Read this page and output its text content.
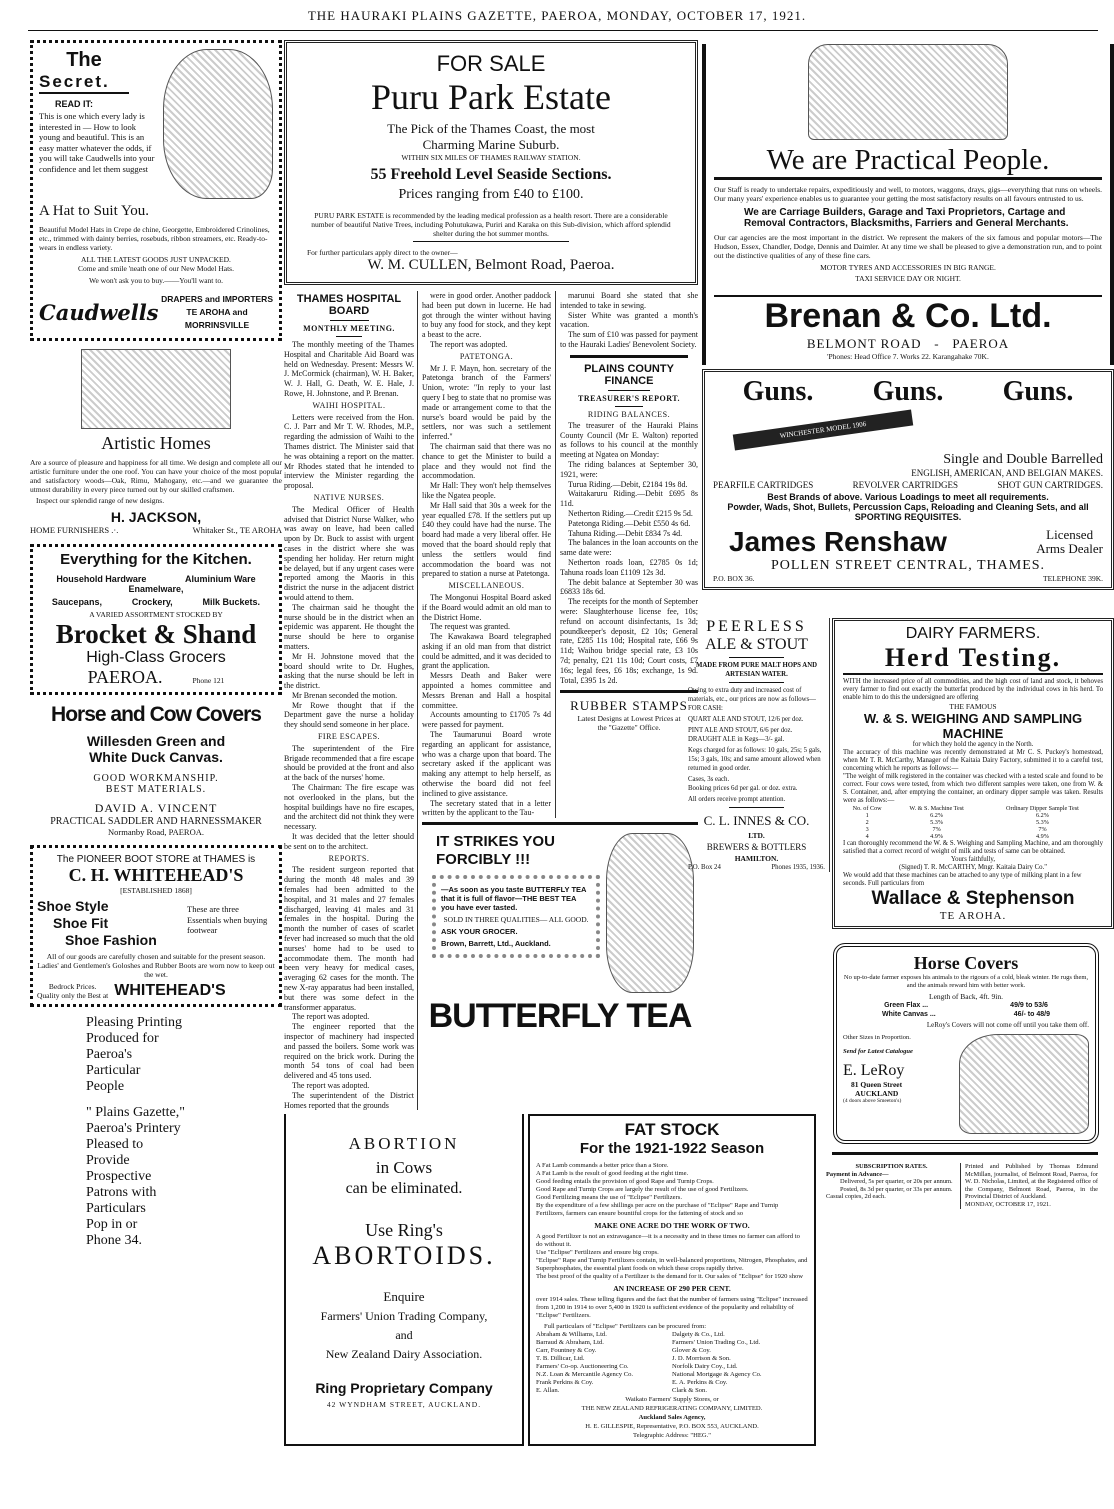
THE HAURAKI PLAINS GAZETTE, PAEROA, MONDAY, OCTOBER 17, 1921.
The
Secret.
READ IT:
This is one which every lady is interested in — How to look young and beautiful. This is an easy matter whatever the odds, if you will take Caudwells into your confidence and let them suggest
A Hat to Suit You.
Beautiful Model Hats in Crepe de chine, Georgette, Embroidered Crinolines, etc., trimmed with dainty berries, rosebuds, ribbon streamers, etc. Ready-to-wears in endless variety.
ALL THE LATEST GOODS JUST UNPACKED.
Come and smile 'neath one of our New Model Hats.
We won't ask you to buy.——You'll want to.
Caudwells
DRAPERS and IMPORTERS
TE AROHA and
MORRINSVILLE
Artistic Homes
Are a source of pleasure and happiness for all time. We design and complete all our artistic furniture under the one roof. You can have your choice of the most popular and satisfactory woods—Oak, Rimu, Mahogany, etc.—and we guarantee the utmost durability in every piece turned out by our skilled craftsmen.
Inspect our splendid range of new designs.
H. JACKSON,
HOME FURNISHERS .·.	Whitaker St., TE AROHA
Everything for the Kitchen.
Household Hardware	Aluminium Ware
Enamelware,
Saucepans,	Crockery,	Milk Buckets.
A VARIED ASSORTMENT STOCKED BY
Brocket & Shand
High-Class Grocers
PAEROA.	Phone 121
Horse and Cow Covers
Willesden Green and
White Duck Canvas.
GOOD WORKMANSHIP.
BEST MATERIALS.
DAVID A. VINCENT
PRACTICAL SADDLER AND HARNESSMAKER
Normanby Road, PAEROA.
The PIONEER BOOT STORE at THAMES is
C. H. WHITEHEAD'S
[ESTABLISHED 1868]
Shoe Style
Shoe Fit
Shoe Fashion
These are three Essentials when buying footwear
All of our goods are carefully chosen and suitable for the present season. Ladies' and Gentlemen's Goloshes and Rubber Boots are worn now to keep out the wet.
Bedrock Prices.
Quality only the Best at WHITEHEAD'S
Pleasing Printing
Produced for
Paeroa's
Particular
People
" Plains Gazette,"
Paeroa's Printery
Pleased to
Provide
Prospective
Patrons with
Particulars
Pop in or
Phone 34.
FOR SALE
Puru Park Estate
The Pick of the Thames Coast, the most
Charming Marine Suburb.
WITHIN SIX MILES OF THAMES RAILWAY STATION.
55 Freehold Level Seaside Sections.
Prices ranging from £40 to £100.
PURU PARK ESTATE is recommended by the leading medical profession as a health resort. There are a considerable number of beautiful Native Trees, including Pohutukawa, Puriri and Karaka on this Sub-division, which afford splendid shelter during the hot summer months.
For further particulars apply direct to the owner—
W. M. CULLEN, Belmont Road, Paeroa.
THAMES HOSPITAL BOARD
MONTHLY MEETING.

The monthly meeting of the Thames Hospital and Charitable Aid Board was held on Wednesday. Present: Messrs W. J. McCormick (chairman), W. H. Baker, W. J. Hall, G. Death, W. E. Hale, J. Rowe, H. Johnstone, and P. Brenan.

WAIHI HOSPITAL.

Letters were received from the Hon. C. J. Parr and Mr T. W. Rhodes, M.P., regarding the admission of Waihi to the Thames district. The Minister said that he was obtaining a report on the matter. Mr Rhodes stated that he intended to interview the Minister regarding the proposal.

NATIVE NURSES.

The Medical Officer of Health advised that District Nurse Walker, who was away on leave, had been called upon by Dr. Buck to assist with urgent cases in the district where she was spending her holiday. Her return might be delayed, but if any urgent cases were reported among the Maoris in this district the nurse in the adjacent district would attend to them.

The chairman said he thought the nurse should be in the district when an epidemic was apparent. He thought the nurse should be here to organise matters.

Mr H. Johnstone moved that the board should write to Dr. Hughes, asking that the nurse should be left in the district.

Mr Brenan seconded the motion.

Mr Rowe thought that if the Department gave the nurse a holiday they should send someone in her place.

FIRE ESCAPES.

The superintendent of the Fire Brigade recommended that a fire escape should be provided at the front and also at the back of the nurses' home.

The Chairman: The fire escape was not overlooked in the plans, but the hospital buildings have no fire escapes, and the architect did not think they were necessary.

It was decided that the letter should be sent on to the architect.

REPORTS.

The resident surgeon reported that during the month 48 males and 39 females had been admitted to the hospital, and 31 males and 27 females discharged, leaving 41 males and 31 females in the hospital. During the month the number of cases of scarlet fever had increased so much that the old nurses' home had to be used to accommodate them. The month had been very heavy for medical cases, averaging 62 cases for the month. The new X-ray apparatus had been installed, but there was some defect in the transformer apparatus.

The report was adopted.

The engineer reported that the inspector of machinery had inspected and passed the boilers. Some work was required on the brick work. During the month 54 tons of coal had been delivered and 45 tons used.

The report was adopted.

The superintendent of the District Homes reported that the grounds

were in good order. Another paddock had been put down in lucerne. He had got through the winter without having to buy any food for stock, and they kept a beast to the acre.

The report was adopted.

PATETONGA.

Mr J. F. Mayn, hon. secretary of the Patetonga branch of the Farmers' Union, wrote: "In reply to your last query I beg to state that no promise was made or arrangement come to that the nurse's board would be paid by the settlers, nor was such a settlement inferred."

The chairman said that there was no chance to get the Minister to build a place and they would not find the accommodation.

Mr Hall: They won't help themselves like the Ngatea people.

Mr Hall said that 30s a week for the year equalled £78. If the settlers put up £40 they could have had the nurse. The board had made a very liberal offer. He moved that the board should reply that unless the settlers would find accommodation the board was not prepared to station a nurse at Patetonga.

MISCELLANEOUS.

The Mongonui Hospital Board asked if the Board would admit an old man to the District Home.

The request was granted.

The Kawakawa Board telegraphed asking if an old man from that district could be admitted, and it was decided to grant the application.

Messrs Death and Baker were appointed a homes committee and Messrs Brenan and Hall a hospital committee.

Accounts amounting to £1705 7s 4d were passed for payment.

The Taumarunui Board wrote regarding an applicant for assistance, who was a charge upon that board. The secretary asked if the applicant was making any attempt to help herself, as otherwise the board did not feel inclined to give assistance.

The secretary stated that in a letter written by the applicant to the Tau-

marunui Board she stated that she intended to take in sewing.

Sister White was granted a month's vacation.

The sum of £10 was passed for payment to the Hauraki Ladies' Benevolent Society.

PLAINS COUNTY FINANCE
TREASURER'S REPORT.
RIDING BALANCES.

The treasurer of the Hauraki Plains County Council (Mr E. Walton) reported as follows to his council at the monthly meeting at Ngatea on Monday:

The riding balances at September 30, 1921, were:

Turua Riding.—Debit, £2184 19s 8d.

Waitakaruru Riding.—Debit £695 8s 11d.

Netherton Riding.—Credit £215 9s 5d.

Patetonga Riding.—Debit £550 4s 6d.

Tahuna Riding.—Debit £834 7s 4d.

The balances in the loan accounts on the same date were:

Netherton roads loan, £2785 0s 1d; Tahuna roads loan £1109 12s 3d.

The debit balance at September 30 was £6833 18s 6d.

The receipts for the month of September were: Slaughterhouse license fee, 10s; refund on account disinfectants, 1s 3d; poundkeeper's deposit, £2 10s; General rate, £285 11s 10d; Hospital rate, £66 9s 11d; Waihou bridge special rate, £3 10s 7d; penalty, £21 11s 10d; Court costs, £7 16s; legal fees, £6 18s; exchange, 1s 9d. Total, £395 1s 2d.

RUBBER STAMPS
Latest Designs at Lowest Prices at
the "Gazette" Office.
IT STRIKES YOU
FORCIBLY !!!
—As soon as you taste BUTTERFLY TEA that it is full of flavor—THE BEST TEA you have ever tasted.
SOLD IN THREE QUALITIES— ALL GOOD.
ASK YOUR GROCER.
Brown, Barrett, Ltd., Auckland.
BUTTERFLY TEA
ABORTION
in Cows
can be eliminated.
Use Ring's
ABORTOIDS.
Enquire
Farmers' Union Trading Company,
and
New Zealand Dairy Association.
Ring Proprietary Company
42 WYNDHAM STREET, AUCKLAND.
FAT STOCK
For the 1921-1922 Season
A Fat Lamb commands a better price than a Store.
A Fat Lamb is the result of good feeding at the right time.
Good feeding entails the provision of good Rape and Turnip Crops.
Good Rape and Turnip Crops are largely the result of the use of good Fertilizers.
Good Fertilizing means the use of "Eclipse" Fertilizers.
By the expenditure of a few shillings per acre on the purchase of "Eclipse" Rape and Turnip Fertilizers, farmers can ensure bountiful crops for the fattening of stock and so
MAKE ONE ACRE DO THE WORK OF TWO.
A good Fertilizer is not an extravagance—it is a necessity and in these times no farmer can afford to do without it.
Use "Eclipse" Fertilizers and ensure big crops.
"Eclipse" Rape and Turnip Fertilizers contain, in well-balanced proportions, Nitrogen, Phosphates, and Superphosphates, the essential plant foods on which these crops rapidly thrive.
The best proof of the quality of a Fertilizer is the demand for it. Our sales of "Eclipse" for 1920 show
AN INCREASE OF 290 PER CENT.
over 1914 sales. These telling figures and the fact that the number of farmers using "Eclipse" increased from 1,200 in 1914 to over 5,400 in 1920 is sufficient evidence of the popularity and reliability of "Eclipse" Fertilizers.
Full particulars of "Eclipse" Fertilizers can be procured from:
Abraham & Williams, Ltd.
Barraud & Abraham, Ltd.
Carr, Fountney & Coy.
T. B. Dillicar, Ltd.
Farmers' Co-op. Auctioneering Co.
N.Z. Loan & Mercantile Agency Co.
Frank Perkins & Coy.
E. Allan.
Dalgety & Co., Ltd.
Farmers' Union Trading Co., Ltd.
Glover & Coy.
J. D. Morrison & Son.
Norfolk Dairy Coy., Ltd.
National Mortgage & Agency Co.
E. A. Perkins & Coy.
Clark & Son.
Waikato Farmers' Supply Stores, or
THE NEW ZEALAND REFRIGERATING COMPANY, LIMITED.
Auckland Sales Agency,
H. E. GILLESPIE, Representative, P.O. BOX 553, AUCKLAND.
Telegraphic Address: "HEG."
We are Practical People.
Our Staff is ready to undertake repairs, expeditiously and well, to motors, waggons, drays, gigs—everything that runs on wheels. Our many years' experience enables us to guarantee your getting the most satisfactory results on all favours entrusted to us.
We are Carriage Builders, Garage and Taxi Proprietors, Cartage and Removal Contractors, Blacksmiths, Farriers and General Merchants.
Our car agencies are the most important in the district. We represent the makers of the six famous and popular motors—The Hudson, Essex, Chandler, Dodge, Dennis and Daimler. At any time we shall be pleased to give a demonstration run, and to point out the distinctive qualities of any of these fine cars.
MOTOR TYRES AND ACCESSORIES IN BIG RANGE.
TAXI SERVICE DAY OR NIGHT.
Brenan & Co. Ltd.
BELMONT ROAD   -   PAEROA
'Phones: Head Office 7. Works 22. Karangahake 70K.
Guns. Guns. Guns.
WINCHESTER MODEL 1906
Single and Double Barrelled
ENGLISH, AMERICAN, AND BELGIAN MAKES.
PEARFILE CARTRIDGES	REVOLVER CARTRIDGES	SHOT GUN CARTRIDGES.
Best Brands of above. Various Loadings to meet all requirements.
Powder, Wads, Shot, Bullets, Percussion Caps, Reloading and Cleaning Sets, and all
SPORTING REQUISITES.
James Renshaw	Licensed
Arms Dealer
POLLEN STREET CENTRAL, THAMES.
P.O. BOX 36.	TELEPHONE 39K.
PEERLESS
ALE & STOUT
MADE FROM PURE MALT HOPS AND ARTESIAN WATER.
Owing to extra duty and increased cost of materials, etc., our prices are now as follows—FOR CASH:
QUART ALE AND STOUT, 12/6 per doz.
PINT ALE AND STOUT, 6/6 per doz.
DRAUGHT ALE in Kegs—3/- gal.
Kegs charged for as follows: 10 gals, 25s; 5 gals, 15s; 3 gals, 10s; and same amount allowed when returned in good order.
Cases, 3s each.
Booking prices 6d per gal. or doz. extra.
All orders receive prompt attention.
C. L. INNES & CO.
LTD.
BREWERS & BOTTLERS
HAMILTON.
P.O. Box 24	Phones 1935, 1936.
DAIRY FARMERS.
Herd Testing.
WITH the increased price of all commodities, and the high cost of land and stock, it behoves every farmer to find out exactly the butterfat produced by the individual cows in his herd. To enable him to do this the undersigned are offering
THE FAMOUS
W. & S. WEIGHING AND SAMPLING MACHINE
for which they hold the agency in the North.
The accuracy of this machine was recently demonstrated at Mr C. S. Puckey's homestead, when Mr T. R. McCarthy, Manager of the Kaitaia Dairy Factory, submitted it to a careful test, concerning which he reports as follows:—
"The weight of milk registered in the container was checked with a tested scale and found to be correct. Four cows were tested, from which two different samples were taken, one from W. & S. Container, and, after emptying the container, an ordinary dipper sample was taken. Results were as follows:—
No. of Cow	W. & S. Machine Test	Ordinary Dipper Sample Test
1	6.2%	6.2%
2	5.3%	5.3%
3	7%	7%
4	4.9%	4.9%
I can thoroughly recommend the W. & S. Weighing and Sampling Machine, and am thoroughly satisfied that a correct record of weight of milk and tests of same can be obtained.
Yours faithfully,
(Signed) T. R. McCARTHY, Mngr. Kaitaia Dairy Co."
We would add that these machines can be attached to any type of milking plant in a few seconds. Full particulars from
Wallace & Stephenson
TE AROHA.
Horse Covers
No up-to-date farmer exposes his animals to the rigours of a cold, bleak winter. He rugs them, and the animals reward him with better work.
Length of Back, 4ft. 9in.
Green Flax ...	49/9 to 53/6
White Canvas ...	46/- to 48/9
LeRoy's Covers will not come off until you take them off.
Other Sizes in Proportion.
Send for Latest Catalogue
E. LeRoy
81 Queen Street
AUCKLAND
(4 doors above Smeeton's)
SUBSCRIPTION RATES.
Payment in Advance—
Delivered, 5s per quarter, or 20s per annum.
Posted, 8s 3d per quarter, or 33s per annum.
Casual copies, 2d each.
Printed and Published by Thomas Edmund McMillan, journalist, of Belmont Road, Paeroa, for W. D. Nicholas, Limited, at the Registered office of the Company, Belmont Road, Paeroa, in the Provincial District of Auckland.
MONDAY, OCTOBER 17, 1921.
